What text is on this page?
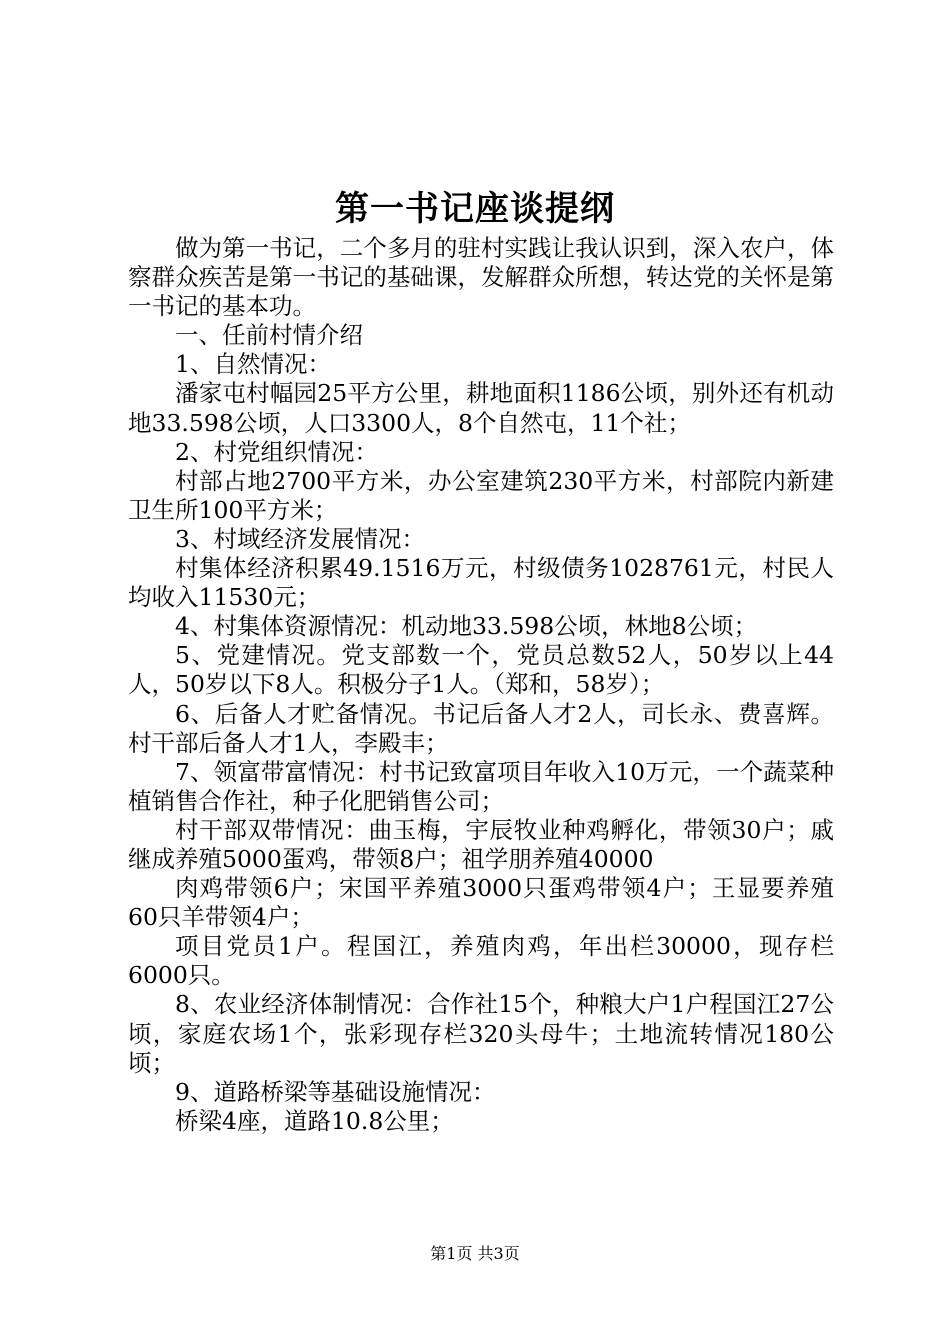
第一书记座谈提纲

做为第一书记，二个多月的驻村实践让我认识到，深入农户，体察群众疾苦是第一书记的基础课，发解群众所想，转达党的关怀是第一书记的基本功。

一、任前村情介绍

1、自然情况：

潘家屯村幅园25平方公里，耕地面积1186公顷，别外还有机动地33.598公顷，人口3300人，8个自然屯，11个社；

2、村党组织情况：

村部占地2700平方米，办公室建筑230平方米，村部院内新建卫生所100平方米；

3、村域经济发展情况：

村集体经济积累49.1516万元，村级债务1028761元，村民人均收入11530元；

4、村集体资源情况：机动地33.598公顷，林地8公顷；

5、党建情况。党支部数一个，党员总数52人，50岁以上44人，50岁以下8人。积极分子1人。（郑和，58岁）；

6、后备人才贮备情况。书记后备人才2人，司长永、费喜辉。村干部后备人才1人，李殿丰；

7、领富带富情况：村书记致富项目年收入10万元，一个蔬菜种植销售合作社，种子化肥销售公司；

村干部双带情况：曲玉梅，宇辰牧业种鸡孵化，带领30户；戚继成养殖5000蛋鸡，带领8户；祖学朋养殖40000

肉鸡带领6户；宋国平养殖3000只蛋鸡带领4户；王显要养殖60只羊带领4户；

项目党员1户。程国江，养殖肉鸡，年出栏30000，现存栏6000只。

8、农业经济体制情况：合作社15个，种粮大户1户程国江27公顷，家庭农场1个，张彩现存栏320头母牛；土地流转情况180公顷；

9、道路桥梁等基础设施情况：

桥梁4座，道路10.8公里；

第1页 共3页
